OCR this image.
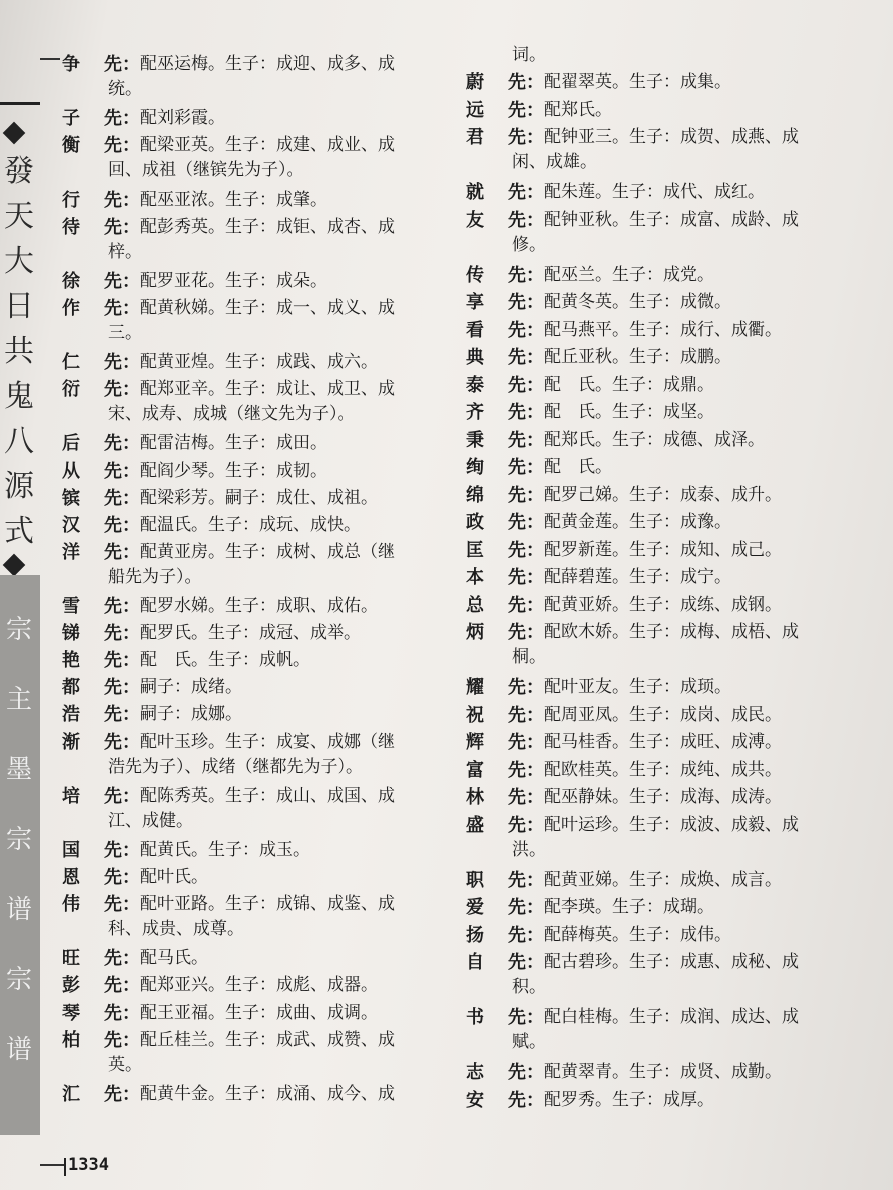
發
天
大
日
共
鬼
八
源
式
宗
主
墨
宗
谱
宗
谱
争	先： 配巫运梅。生子：成迎、成多、成
统。
子	先： 配刘彩霞。
衡	先： 配梁亚英。生子：成建、成业、成
回、成祖（继镔先为子）。
行	先： 配巫亚浓。生子：成肇。
待	先： 配彭秀英。生子：成钜、成杏、成
梓。
徐	先： 配罗亚花。生子：成朵。
作	先： 配黄秋娣。生子：成一、成义、成
三。
仁	先： 配黄亚煌。生子：成践、成六。
衍	先： 配郑亚辛。生子：成让、成卫、成
宋、成寿、成城（继文先为子）。
后	先： 配雷洁梅。生子：成田。
从	先： 配阎少琴。生子：成韧。
镔	先： 配梁彩芳。嗣子：成仕、成祖。
汉	先： 配温氏。生子：成玩、成快。
洋	先： 配黄亚房。生子：成树、成总（继
船先为子）。
雪	先： 配罗水娣。生子：成职、成佑。
锑	先： 配罗氏。生子：成冠、成举。
艳	先： 配　氏。生子：成帆。
都	先： 嗣子：成绪。
浩	先： 嗣子：成娜。
渐	先： 配叶玉珍。生子：成宴、成娜（继
浩先为子）、成绪（继都先为子）。
培	先： 配陈秀英。生子：成山、成国、成
江、成健。
国	先： 配黄氏。生子：成玉。
恩	先： 配叶氏。
伟	先： 配叶亚路。生子：成锦、成鉴、成
科、成贵、成尊。
旺	先： 配马氏。
彭	先： 配郑亚兴。生子：成彪、成器。
琴	先： 配王亚福。生子：成曲、成调。
柏	先： 配丘桂兰。生子：成武、成赞、成
英。
汇	先： 配黄牛金。生子：成涌、成今、成
词。
蔚	先： 配翟翠英。生子：成集。
远	先： 配郑氏。
君	先： 配钟亚三。生子：成贺、成燕、成
闲、成雄。
就	先： 配朱莲。生子：成代、成红。
友	先： 配钟亚秋。生子：成富、成龄、成
修。
传	先： 配巫兰。生子：成党。
享	先： 配黄冬英。生子：成微。
看	先： 配马燕平。生子：成行、成衢。
典	先： 配丘亚秋。生子：成鹏。
泰	先： 配　氏。生子：成鼎。
齐	先： 配　氏。生子：成坚。
秉	先： 配郑氏。生子：成德、成泽。
绚	先： 配　氏。
绵	先： 配罗己娣。生子：成泰、成升。
政	先： 配黄金莲。生子：成豫。
匡	先： 配罗新莲。生子：成知、成己。
本	先： 配薛碧莲。生子：成宁。
总	先： 配黄亚娇。生子：成练、成钢。
炳	先： 配欧木娇。生子：成梅、成梧、成
桐。
耀	先： 配叶亚友。生子：成顼。
祝	先： 配周亚凤。生子：成岗、成民。
辉	先： 配马桂香。生子：成旺、成溥。
富	先： 配欧桂英。生子：成纯、成共。
林	先： 配巫静妹。生子：成海、成涛。
盛	先： 配叶运珍。生子：成波、成毅、成
洪。
职	先： 配黄亚娣。生子：成焕、成言。
爱	先： 配李瑛。生子：成瑚。
扬	先： 配薛梅英。生子：成伟。
自	先： 配古碧珍。生子：成惠、成秘、成
积。
书	先： 配白桂梅。生子：成润、成达、成
赋。
志	先： 配黄翠青。生子：成贤、成勤。
安	先： 配罗秀。生子：成厚。
1334
